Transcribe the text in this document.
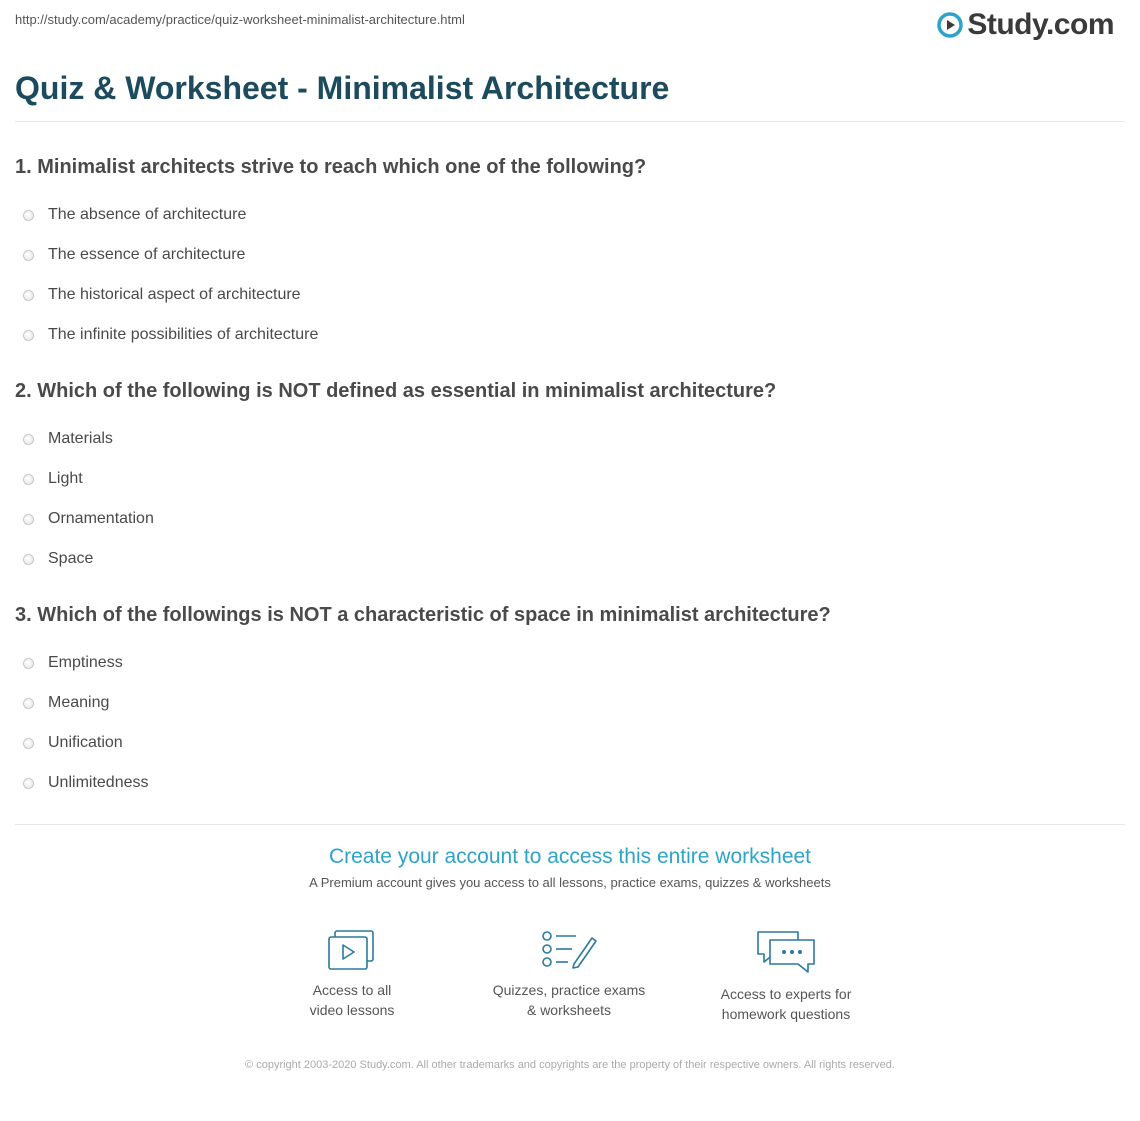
http://study.com/academy/practice/quiz-worksheet-minimalist-architecture.html	Study.com
Quiz & Worksheet - Minimalist Architecture

1. Minimalist architects strive to reach which one of the following?

The absence of architecture
The essence of architecture
The historical aspect of architecture
The infinite possibilities of architecture

2. Which of the following is NOT defined as essential in minimalist architecture?

Materials
Light
Ornamentation
Space

3. Which of the followings is NOT a characteristic of space in minimalist architecture?

Emptiness
Meaning
Unification
Unlimitedness

Create your account to access this entire worksheet

A Premium account gives you access to all lessons, practice exams, quizzes & worksheets
Access to all
video lessons
Quizzes, practice exams
& worksheets
Access to experts for
homework questions
© copyright 2003-2020 Study.com. All other trademarks and copyrights are the property of their respective owners. All rights reserved.
